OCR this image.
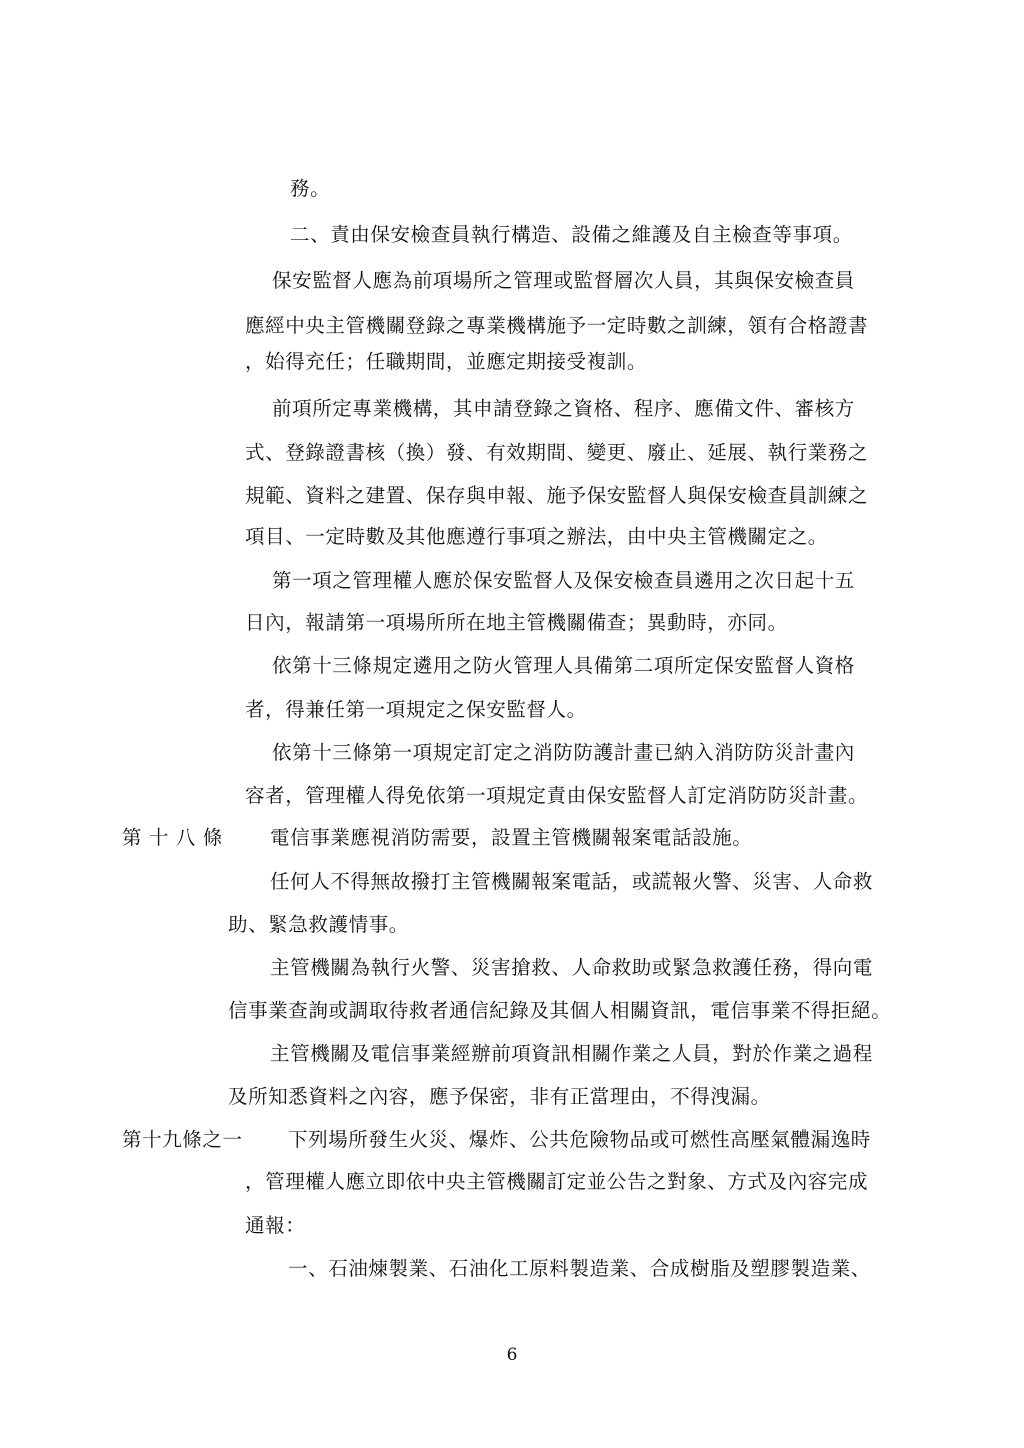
務。
二、責由保安檢查員執行構造、設備之維護及自主檢查等事項。
保安監督人應為前項場所之管理或監督層次人員，其與保安檢查員
應經中央主管機關登錄之專業機構施予一定時數之訓練，領有合格證書
，始得充任；任職期間，並應定期接受複訓。
前項所定專業機構，其申請登錄之資格、程序、應備文件、審核方
式、登錄證書核（換）發、有效期間、變更、廢止、延展、執行業務之
規範、資料之建置、保存與申報、施予保安監督人與保安檢查員訓練之
項目、一定時數及其他應遵行事項之辦法，由中央主管機關定之。
第一項之管理權人應於保安監督人及保安檢查員遴用之次日起十五
日內，報請第一項場所所在地主管機關備查；異動時，亦同。
依第十三條規定遴用之防火管理人具備第二項所定保安監督人資格
者，得兼任第一項規定之保安監督人。
依第十三條第一項規定訂定之消防防護計畫已納入消防防災計畫內
容者，管理權人得免依第一項規定責由保安監督人訂定消防防災計畫。
第 十 八 條 電信事業應視消防需要，設置主管機關報案電話設施。
任何人不得無故撥打主管機關報案電話，或謊報火警、災害、人命救
助、緊急救護情事。
主管機關為執行火警、災害搶救、人命救助或緊急救護任務，得向電
信事業查詢或調取待救者通信紀錄及其個人相關資訊，電信事業不得拒絕。
主管機關及電信事業經辦前項資訊相關作業之人員，對於作業之過程
及所知悉資料之內容，應予保密，非有正當理由，不得洩漏。
第十九條之一 下列場所發生火災、爆炸、公共危險物品或可燃性高壓氣體漏逸時
，管理權人應立即依中央主管機關訂定並公告之對象、方式及內容完成
通報：
一、石油煉製業、石油化工原料製造業、合成樹脂及塑膠製造業、
6
